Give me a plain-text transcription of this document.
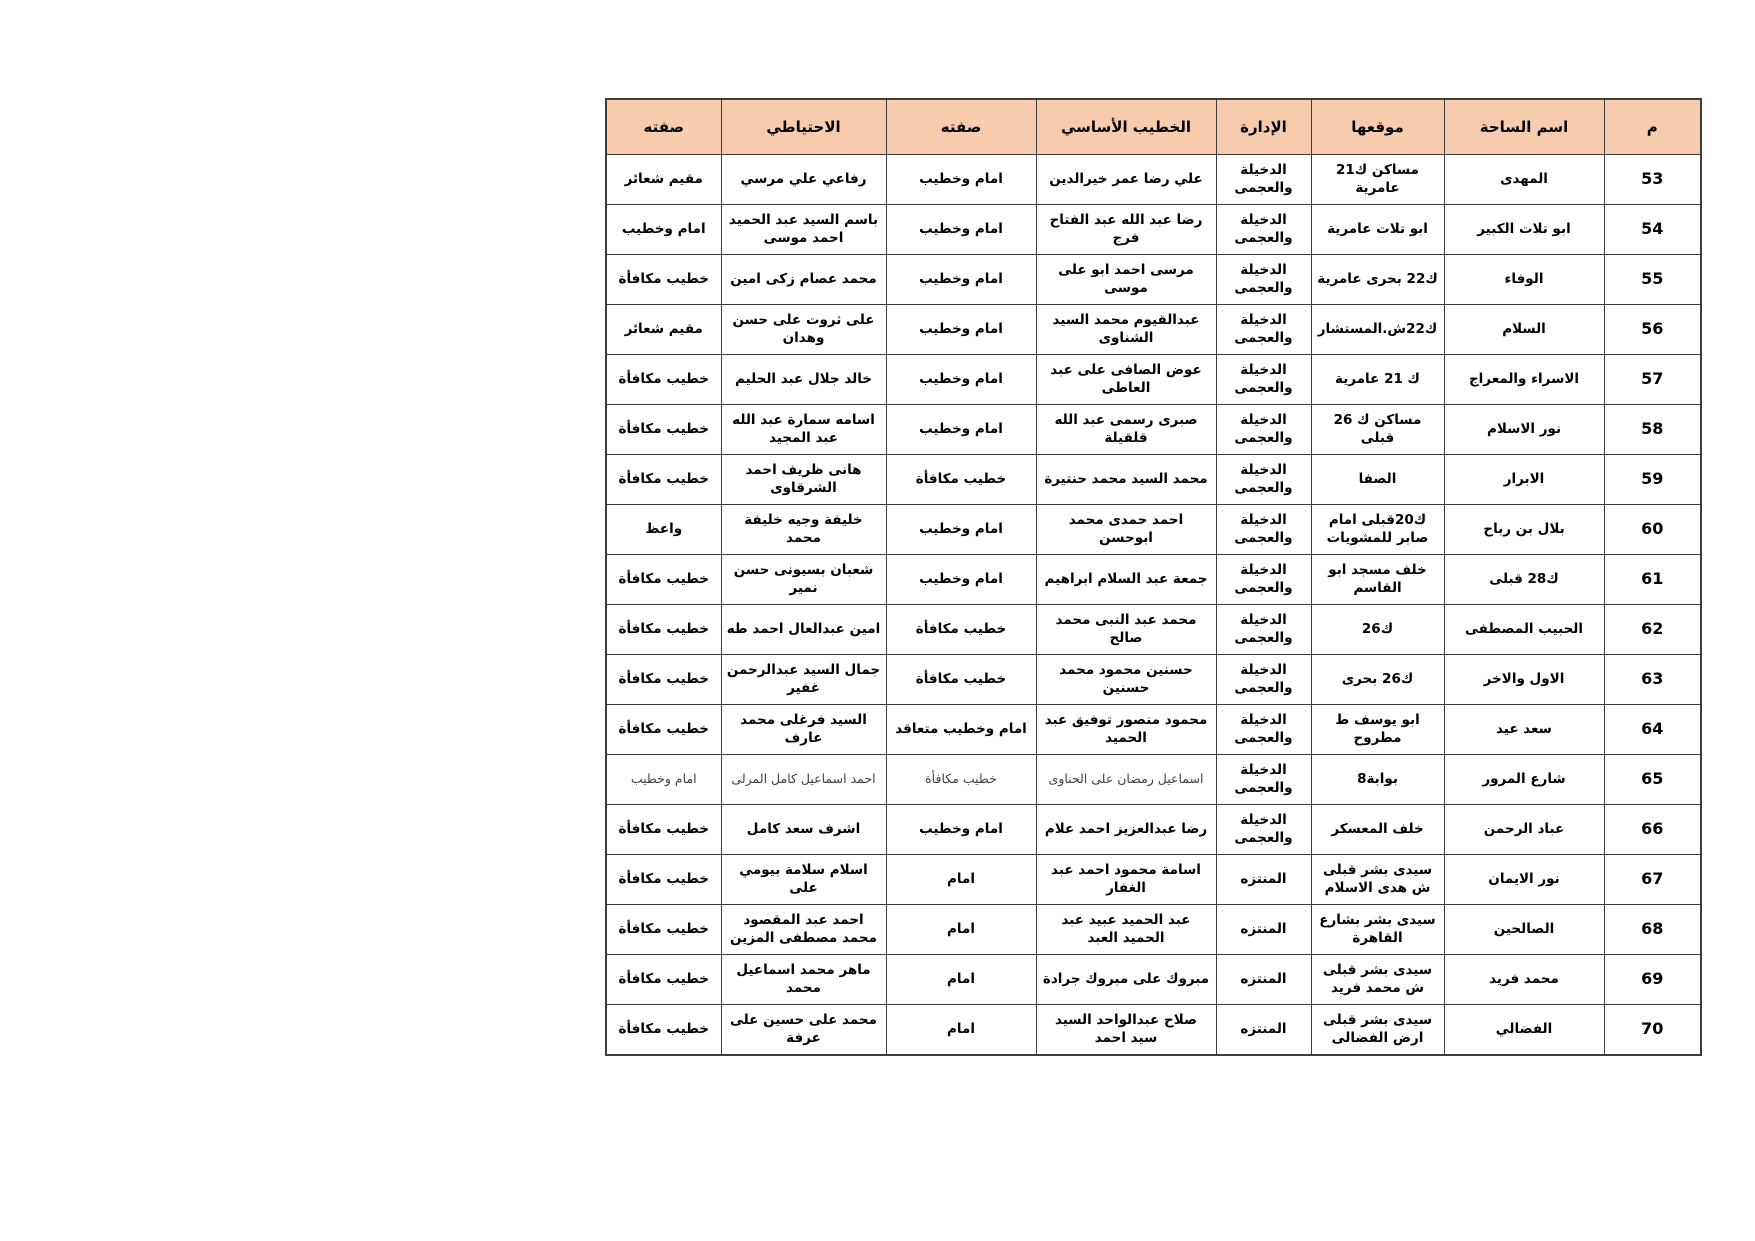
م	اسم الساحة	موقعها	الإدارة	الخطيب الأساسي	صفته	الاحتياطي	صفته
53	المهدى	مساكن ك21 عامرية	الدخيلة والعجمى	علي رضا عمر خيرالدين	امام وخطيب	رفاعي علي مرسي	مقيم شعائر
54	ابو تلات الكبير	ابو تلات عامرية	الدخيلة والعجمى	رضا عبد الله عبد الفتاح فرج	امام وخطيب	باسم السيد عبد الحميد احمد موسى	امام وخطيب
55	الوفاء	ك22 بحرى عامرية	الدخيلة والعجمى	مرسى احمد ابو على موسى	امام وخطيب	محمد عصام زكى امين	خطيب مكافأة
56	السلام	ك22ش.المستشار	الدخيلة والعجمى	عبدالقيوم محمد السيد الشناوى	امام وخطيب	على ثروت على حسن وهدان	مقيم شعائر
57	الاسراء والمعراج	ك 21 عامرية	الدخيلة والعجمى	عوض الصافى على عبد العاطى	امام وخطيب	خالد جلال عبد الحليم	خطيب مكافأة
58	نور الاسلام	مساكن ك 26 قبلى	الدخيلة والعجمى	صبرى رسمى عبد الله قلقيلة	امام وخطيب	اسامه سمارة عبد الله عبد المجيد	خطيب مكافأة
59	الابرار	الصفا	الدخيلة والعجمى	محمد السيد محمد حنتيرة	خطيب مكافأة	هانى ظريف احمد الشرقاوى	خطيب مكافأة
60	بلال بن رباح	ك20قبلى امام صابر للمشويات	الدخيلة والعجمى	احمد حمدى محمد ابوحسن	امام وخطيب	خليفة وجيه خليفة محمد	واعظ
61	ك28 قبلى	خلف مسجد ابو القاسم	الدخيلة والعجمى	جمعة عبد السلام ابراهيم	امام وخطيب	شعبان بسيونى حسن نمير	خطيب مكافأة
62	الحبيب المصطفى	ك26	الدخيلة والعجمى	محمد عبد النبى محمد صالح	خطيب مكافأة	امين عبدالعال احمد طه	خطيب مكافأة
63	الاول والاخر	ك26 بحرى	الدخيلة والعجمى	حسنين محمود محمد حسنين	خطيب مكافأة	جمال السيد عبدالرحمن غفير	خطيب مكافأة
64	سعد عيد	ابو يوسف ط مطروح	الدخيلة والعجمى	محمود منصور توفيق عبد الحميد	امام وخطيب متعاقد	السيد فرغلى محمد عارف	خطيب مكافأة
65	شارع المرور	بوابة8	الدخيلة والعجمى	اسماعيل رمضان على الحناوى	خطيب مكافأة	احمد اسماعيل كامل المرلى	امام وخطيب
66	عباد الرحمن	خلف المعسكر	الدخيلة والعجمى	رضا عبدالعزيز احمد علام	امام وخطيب	اشرف سعد كامل	خطيب مكافأة
67	نور الايمان	سيدى بشر قبلى ش هدى الاسلام	المنتزه	اسامة محمود احمد عبد الغفار	امام	اسلام سلامة بيومي على	خطيب مكافأة
68	الصالحين	سيدى بشر بشارع القاهرة	المنتزه	عبد الحميد عبيد عبد الحميد العبد	امام	احمد عبد المقصود محمد مصطفى المزين	خطيب مكافأة
69	محمد فريد	سيدى بشر قبلى ش محمد فريد	المنتزه	مبروك على مبروك جرادة	امام	ماهر محمد اسماعيل محمد	خطيب مكافأة
70	الفضالي	سيدى بشر قبلى ارض الفضالى	المنتزه	صلاح عبدالواحد السيد سيد احمد	امام	محمد على حسين على عرفة	خطيب مكافأة
